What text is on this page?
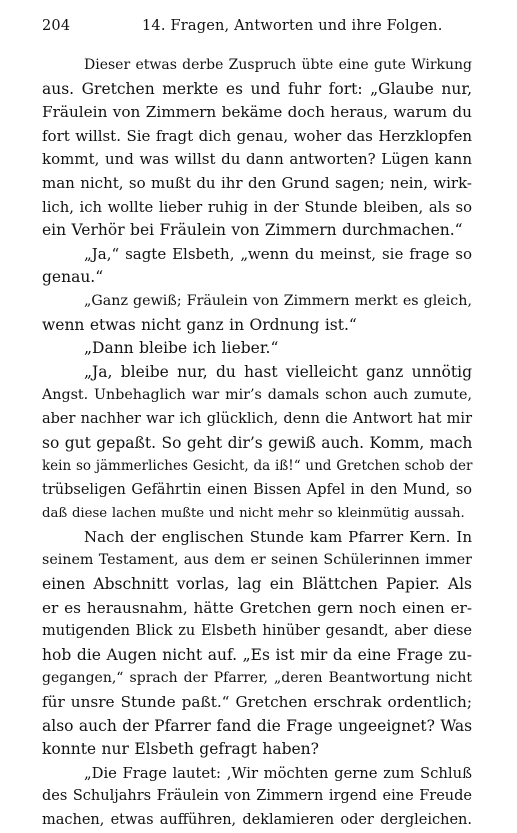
204	14. Fragen, Antworten und ihre Folgen.
Dieser etwas derbe Zuspruch übte eine gute Wirkung
aus. Gretchen merkte es und fuhr fort: „Glaube nur,
Fräulein von Zimmern bekäme doch heraus, warum du
fort willst. Sie fragt dich genau, woher das Herzklopfen
kommt, und was willst du dann antworten? Lügen kann
man nicht, so mußt du ihr den Grund sagen; nein, wirk-
lich, ich wollte lieber ruhig in der Stunde bleiben, als so
ein Verhör bei Fräulein von Zimmern durchmachen.“
„Ja,“ sagte Elsbeth, „wenn du meinst, sie frage so
genau.“
„Ganz gewiß; Fräulein von Zimmern merkt es gleich,
wenn etwas nicht ganz in Ordnung ist.“
„Dann bleibe ich lieber.“
„Ja, bleibe nur, du hast vielleicht ganz unnötig
Angst. Unbehaglich war mir’s damals schon auch zumute,
aber nachher war ich glücklich, denn die Antwort hat mir
so gut gepaßt. So geht dir’s gewiß auch. Komm, mach
kein so jämmerliches Gesicht, da iß!“ und Gretchen schob der
trübseligen Gefährtin einen Bissen Apfel in den Mund, so
daß diese lachen mußte und nicht mehr so kleinmütig aussah.
Nach der englischen Stunde kam Pfarrer Kern. In
seinem Testament, aus dem er seinen Schülerinnen immer
einen Abschnitt vorlas, lag ein Blättchen Papier. Als
er es herausnahm, hätte Gretchen gern noch einen er-
mutigenden Blick zu Elsbeth hinüber gesandt, aber diese
hob die Augen nicht auf. „Es ist mir da eine Frage zu-
gegangen,“ sprach der Pfarrer, „deren Beantwortung nicht
für unsre Stunde paßt.“ Gretchen erschrak ordentlich;
also auch der Pfarrer fand die Frage ungeeignet? Was
konnte nur Elsbeth gefragt haben?
„Die Frage lautet: ‚Wir möchten gerne zum Schluß
des Schuljahrs Fräulein von Zimmern irgend eine Freude
machen, etwas aufführen, deklamieren oder dergleichen.
